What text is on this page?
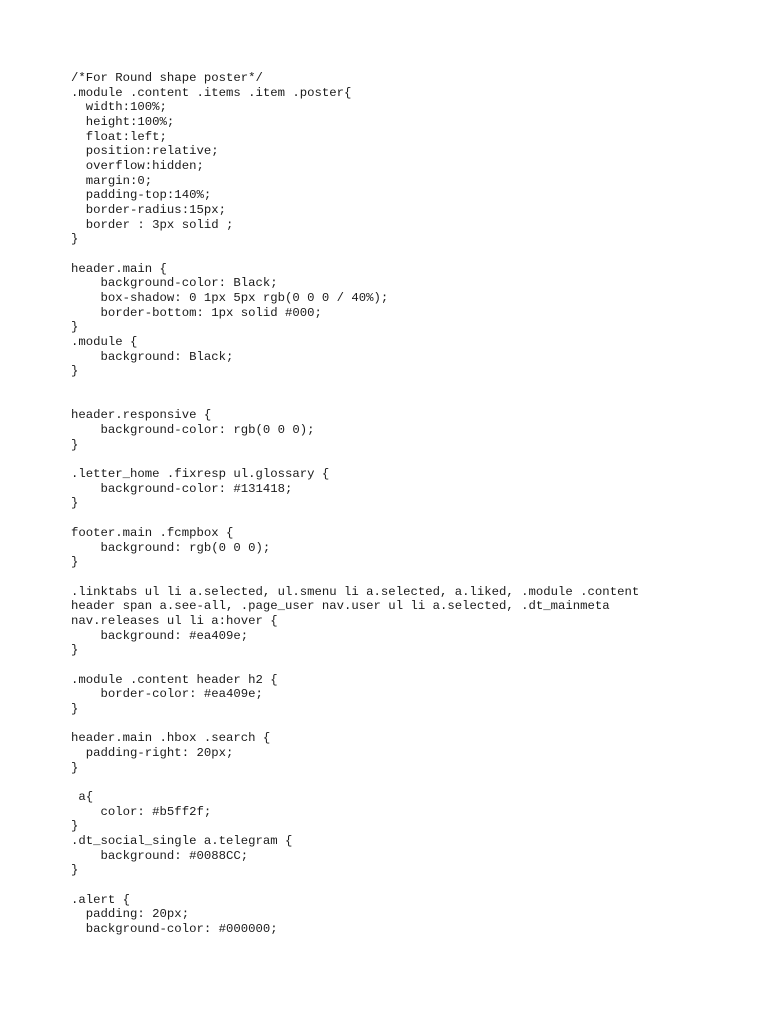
/*For Round shape poster*/
.module .content .items .item .poster{
width:100%;
height:100%;
float:left;
position:relative;
overflow:hidden;
margin:0;
padding-top:140%;
border-radius:15px;
border : 3px solid ;
}
header.main {
background-color: Black;
box-shadow: 0 1px 5px rgb(0 0 0 / 40%);
border-bottom: 1px solid #000;
}
.module {
background: Black;
}
header.responsive {
background-color: rgb(0 0 0);
}
.letter_home .fixresp ul.glossary {
background-color: #131418;
}
footer.main .fcmpbox {
background: rgb(0 0 0);
}
.linktabs ul li a.selected, ul.smenu li a.selected, a.liked, .module .content
header span a.see-all, .page_user nav.user ul li a.selected, .dt_mainmeta
nav.releases ul li a:hover {
background: #ea409e;
}
.module .content header h2 {
border-color: #ea409e;
}
header.main .hbox .search {
padding-right: 20px;
}
a{
color: #b5ff2f;
}
.dt_social_single a.telegram {
background: #0088CC;
}
.alert {
padding: 20px;
background-color: #000000;
